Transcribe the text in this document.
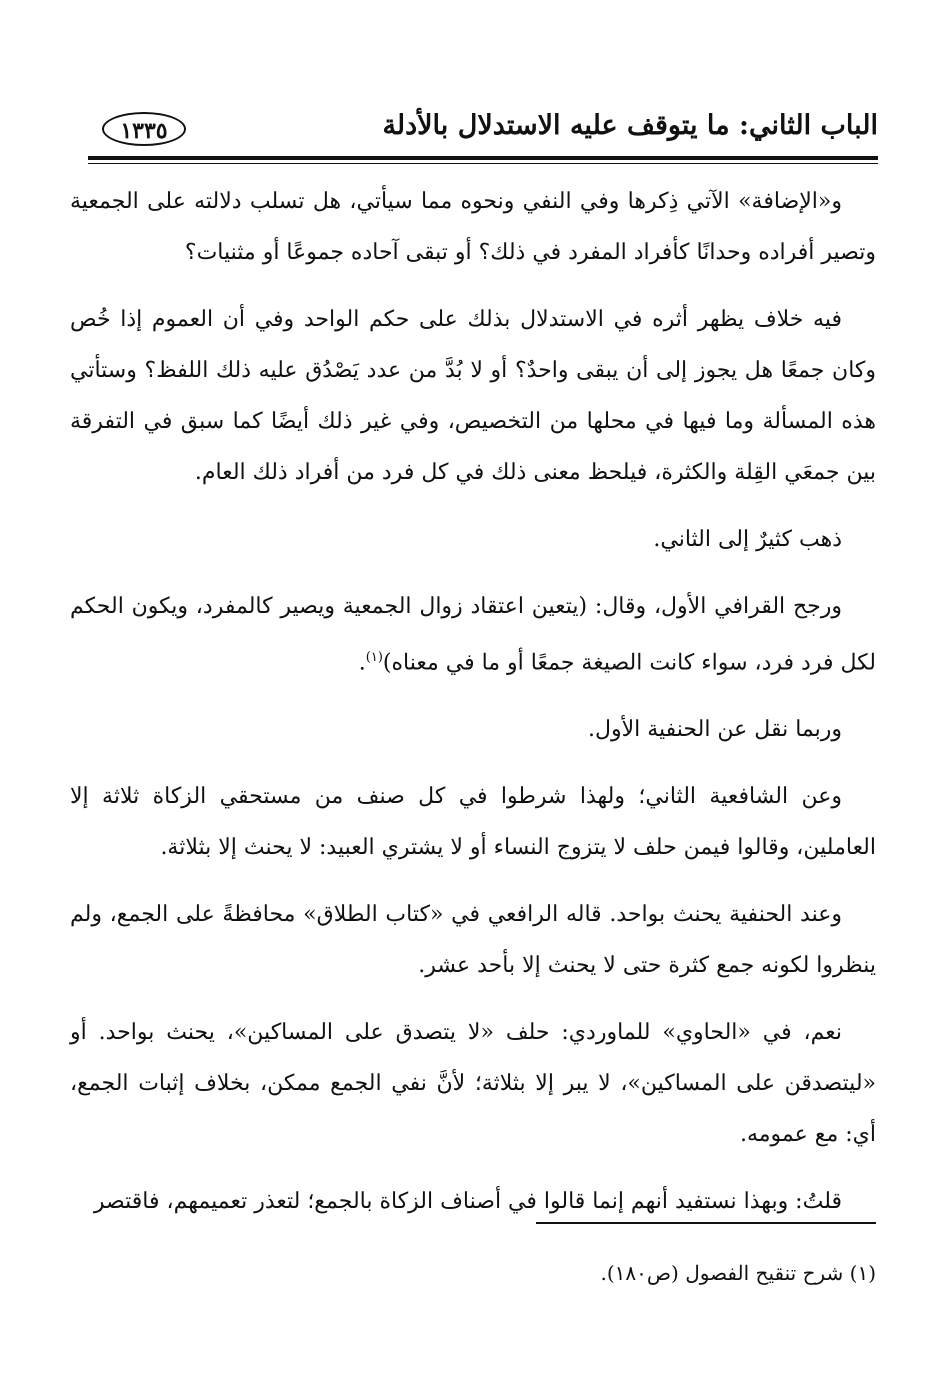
الباب الثاني: ما يتوقف عليه الاستدلال بالأدلة
١٣٣٥

و«الإضافة» الآتي ذِكرها وفي النفي ونحوه مما سيأتي، هل تسلب دلالته على الجمعية وتصير أفراده وحدانًا كأفراد المفرد في ذلك؟ أو تبقى آحاده جموعًا أو مثنيات؟

فيه خلاف يظهر أثره في الاستدلال بذلك على حكم الواحد وفي أن العموم إذا خُص وكان جمعًا هل يجوز إلى أن يبقى واحدٌ؟ أو لا بُدَّ من عدد يَصْدُق عليه ذلك اللفظ؟ وستأتي هذه المسألة وما فيها في محلها من التخصيص، وفي غير ذلك أيضًا كما سبق في التفرقة بين جمعَي القِلة والكثرة، فيلحظ معنى ذلك في كل فرد من أفراد ذلك العام.

ذهب كثيرٌ إلى الثاني.

ورجح القرافي الأول، وقال: (يتعين اعتقاد زوال الجمعية ويصير كالمفرد، ويكون الحكم لكل فرد فرد، سواء كانت الصيغة جمعًا أو ما في معناه)$^{(١)}$.

وربما نقل عن الحنفية الأول.

وعن الشافعية الثاني؛ ولهذا شرطوا في كل صنف من مستحقي الزكاة ثلاثة إلا العاملين، وقالوا فيمن حلف لا يتزوج النساء أو لا يشتري العبيد: لا يحنث إلا بثلاثة.

وعند الحنفية يحنث بواحد. قاله الرافعي في «كتاب الطلاق» محافظةً على الجمع، ولم ينظروا لكونه جمع كثرة حتى لا يحنث إلا بأحد عشر.

نعم، في «الحاوي» للماوردي: حلف «لا يتصدق على المساكين»، يحنث بواحد. أو «ليتصدقن على المساكين»، لا يبر إلا بثلاثة؛ لأنَّ نفي الجمع ممكن، بخلاف إثبات الجمع، أي: مع عمومه.

قلتُ: وبهذا نستفيد أنهم إنما قالوا في أصناف الزكاة بالجمع؛ لتعذر تعميمهم، فاقتصر

(١) شرح تنقيح الفصول (ص١٨٠).
